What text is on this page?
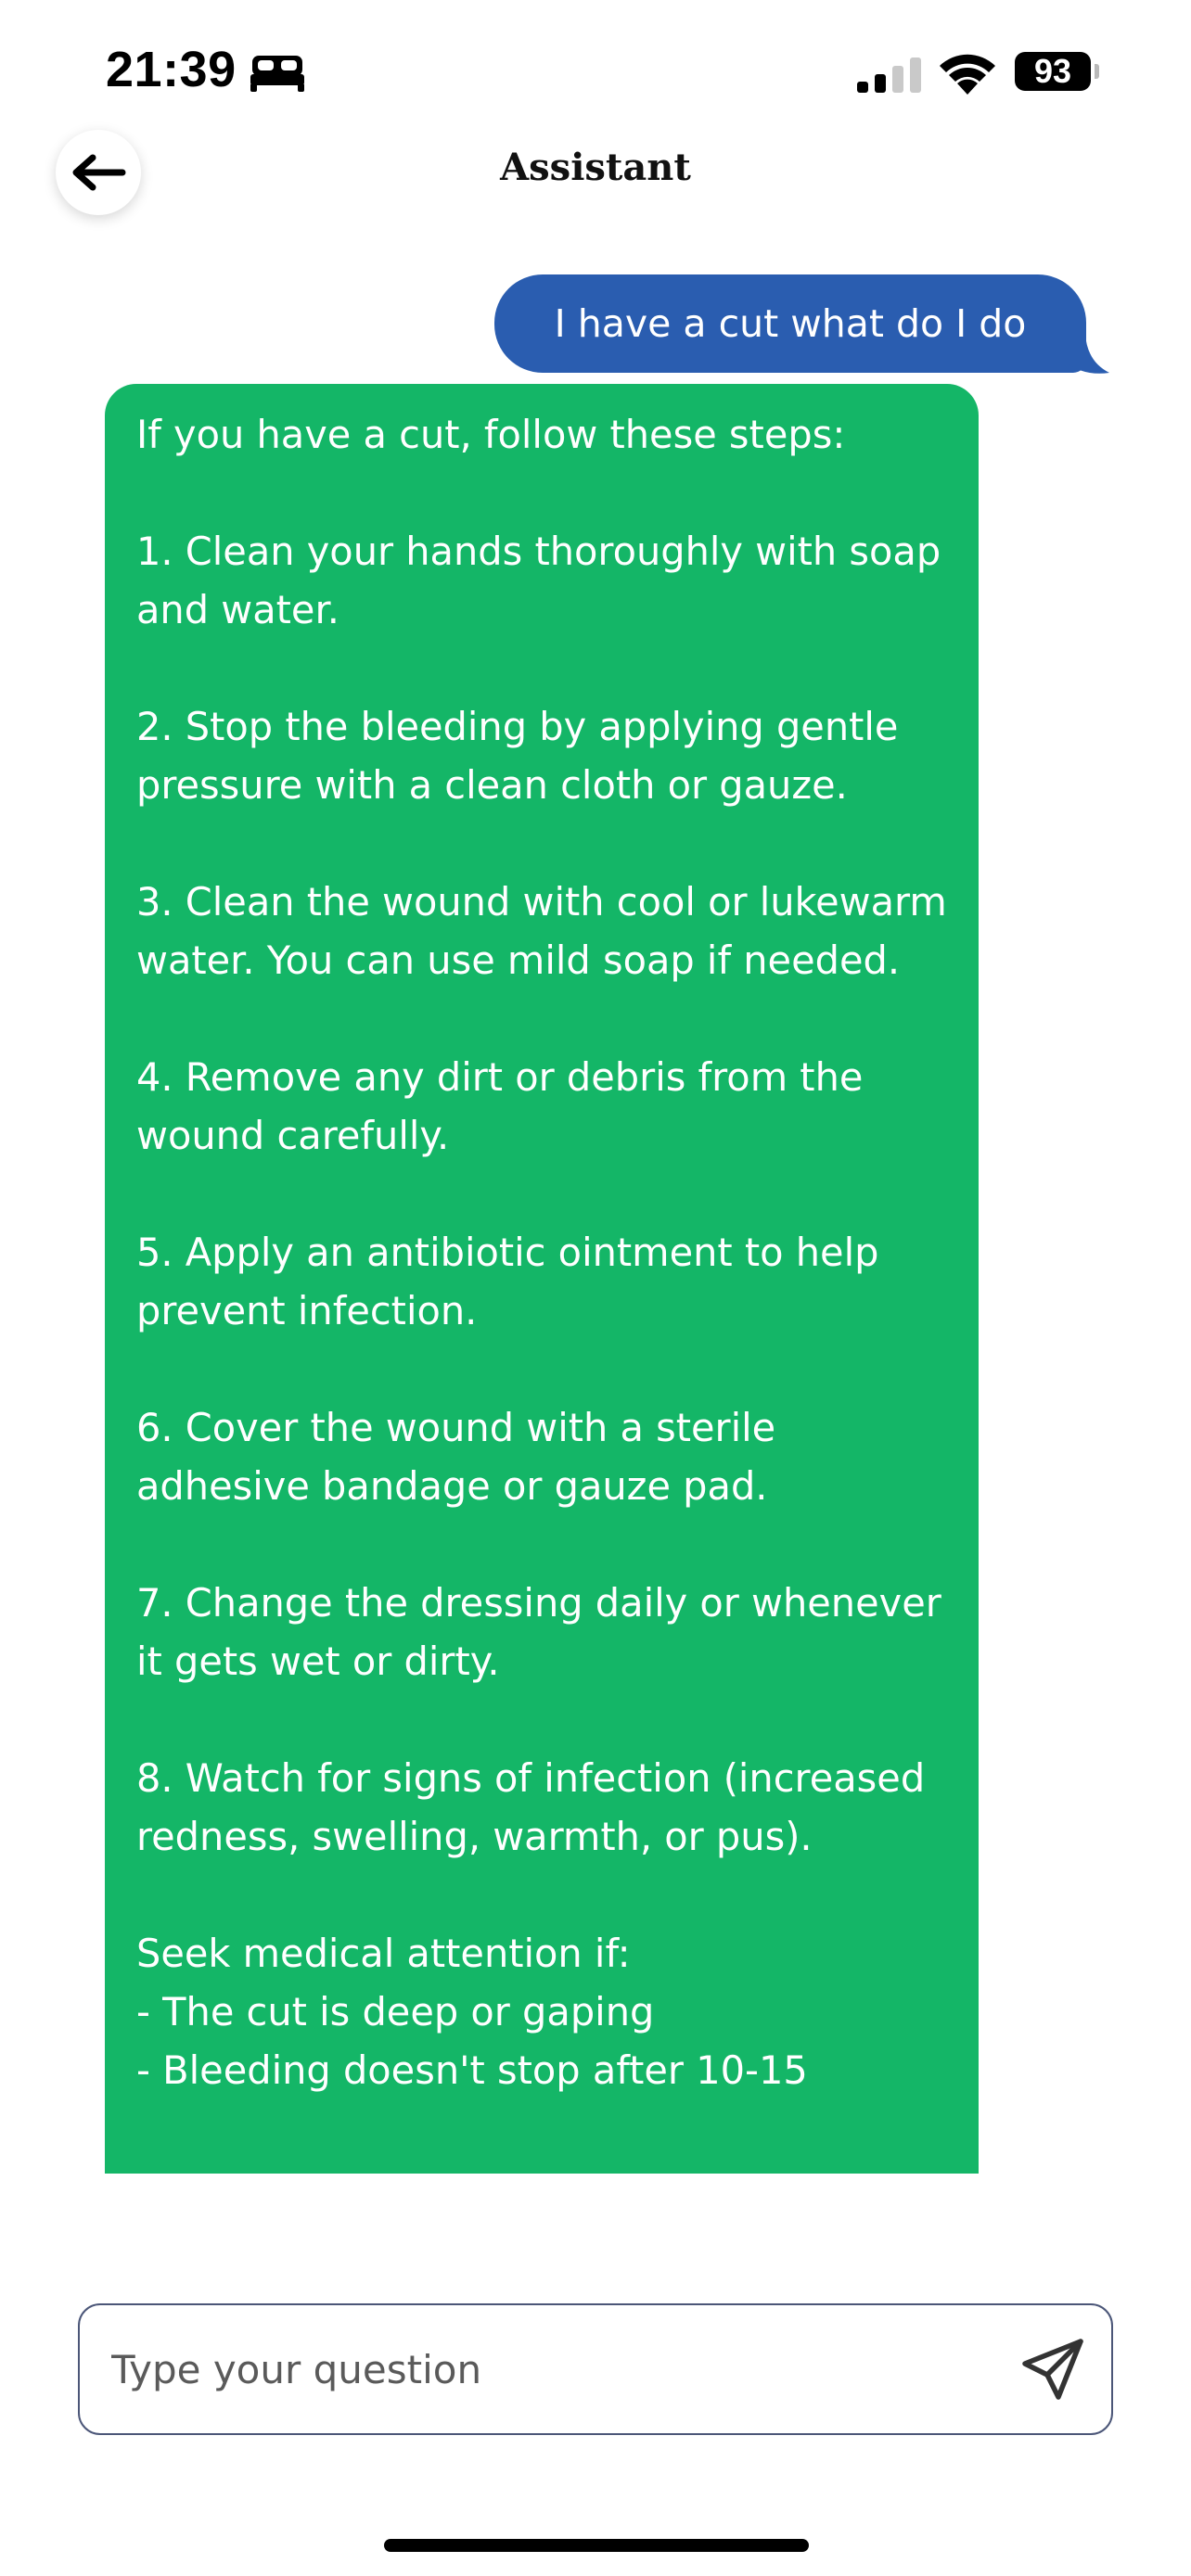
21:39	93
Assistant
I have a cut what do I do
If you have a cut, follow these steps:

1. Clean your hands thoroughly with soap and water.

2. Stop the bleeding by applying gentle pressure with a clean cloth or gauze.

3. Clean the wound with cool or lukewarm water. You can use mild soap if needed.

4. Remove any dirt or debris from the wound carefully.

5. Apply an antibiotic ointment to help prevent infection.

6. Cover the wound with a sterile adhesive bandage or gauze pad.

7. Change the dressing daily or whenever it gets wet or dirty.

8. Watch for signs of infection (increased redness, swelling, warmth, or pus).

Seek medical attention if:
- The cut is deep or gaping
- Bleeding doesn't stop after 10-15
Type your question
